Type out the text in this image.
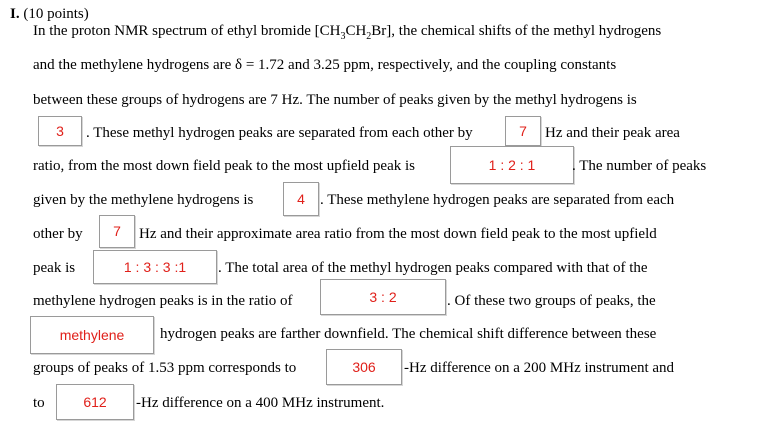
I. (10 points)
In the proton NMR spectrum of ethyl bromide $[CH_3CH_2Br]$, the chemical shifts of the methyl hydrogens
and the methylene hydrogens are δ = 1.72 and 3.25 ppm, respectively, and the coupling constants
between these groups of hydrogens are 7 Hz. The number of peaks given by the methyl hydrogens is
3	. These methyl hydrogen peaks are separated from each other by	7	Hz and their peak area
ratio, from the most down field peak to the most upfield peak is	1 : 2 : 1	. The number of peaks
given by the methylene hydrogens is	4	. These methylene hydrogen peaks are separated from each
other by	7	Hz and their approximate area ratio from the most down field peak to the most upfield
peak is	1 : 3 : 3 :1	. The total area of the methyl hydrogen peaks compared with that of the
methylene hydrogen peaks is in the ratio of	3 : 2	. Of these two groups of peaks, the
methylene	hydrogen peaks are farther downfield. The chemical shift difference between these
groups of peaks of 1.53 ppm corresponds to	306	-Hz difference on a 200 MHz instrument and
to	612	-Hz difference on a 400 MHz instrument.
